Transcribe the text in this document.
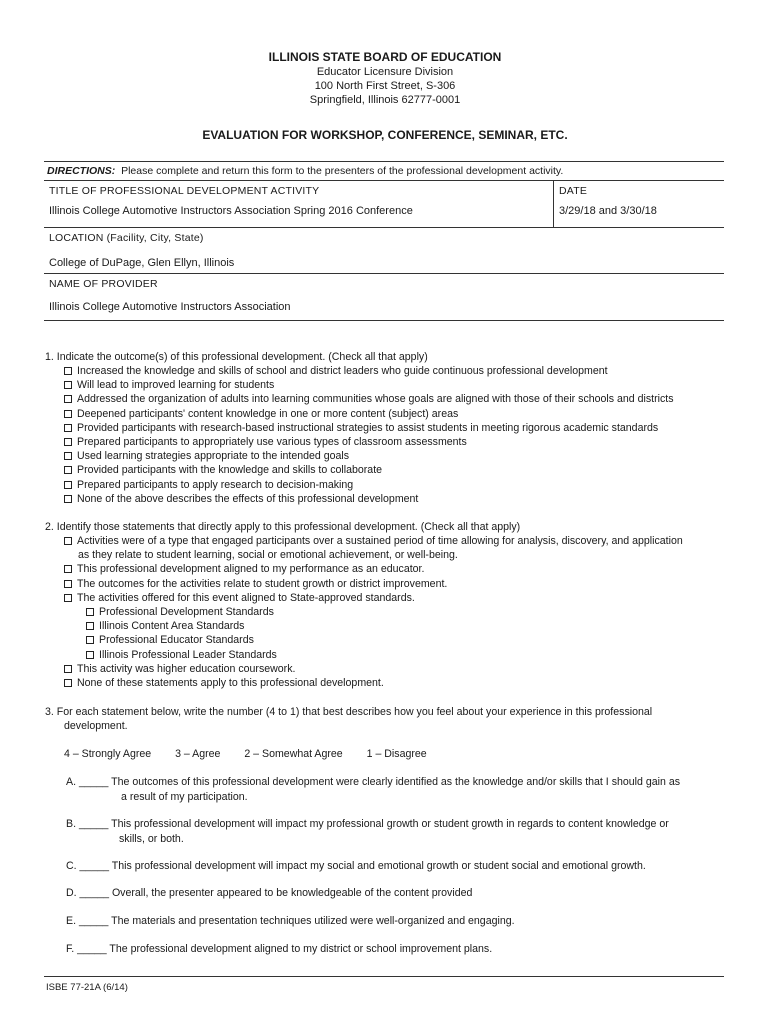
ILLINOIS STATE BOARD OF EDUCATION
Educator Licensure Division
100 North First Street, S-306
Springfield, Illinois 62777-0001
EVALUATION FOR WORKSHOP, CONFERENCE, SEMINAR, ETC.
DIRECTIONS: Please complete and return this form to the presenters of the professional development activity.
TITLE OF PROFESSIONAL DEVELOPMENT ACTIVITY
Illinois College Automotive Instructors Association Spring 2016 Conference
DATE
3/29/18 and 3/30/18
LOCATION (Facility, City, State)
College of DuPage, Glen Ellyn, Illinois
NAME OF PROVIDER
Illinois College Automotive Instructors Association
1. Indicate the outcome(s) of this professional development. (Check all that apply)
Increased the knowledge and skills of school and district leaders who guide continuous professional development
Will lead to improved learning for students
Addressed the organization of adults into learning communities whose goals are aligned with those of their schools and districts
Deepened participants' content knowledge in one or more content (subject) areas
Provided participants with research-based instructional strategies to assist students in meeting rigorous academic standards
Prepared participants to appropriately use various types of classroom assessments
Used learning strategies appropriate to the intended goals
Provided participants with the knowledge and skills to collaborate
Prepared participants to apply research to decision-making
None of the above describes the effects of this professional development
2. Identify those statements that directly apply to this professional development. (Check all that apply)
Activities were of a type that engaged participants over a sustained period of time allowing for analysis, discovery, and application
as they relate to student learning, social or emotional achievement, or well-being.
This professional development aligned to my performance as an educator.
The outcomes for the activities relate to student growth or district improvement.
The activities offered for this event aligned to State-approved standards.
Professional Development Standards
Illinois Content Area Standards
Professional Educator Standards
Illinois Professional Leader Standards
This activity was higher education coursework.
None of these statements apply to this professional development.
3. For each statement below, write the number (4 to 1) that best describes how you feel about your experience in this professional
development.
4 – Strongly Agree 3 – Agree 2 – Somewhat Agree 1 – Disagree
A. _____ The outcomes of this professional development were clearly identified as the knowledge and/or skills that I should gain as
a result of my participation.
B. _____ This professional development will impact my professional growth or student growth in regards to content knowledge or
skills, or both.
C. _____ This professional development will impact my social and emotional growth or student social and emotional growth.
D. _____ Overall, the presenter appeared to be knowledgeable of the content provided
E. _____ The materials and presentation techniques utilized were well-organized and engaging.
F. _____ The professional development aligned to my district or school improvement plans.
ISBE 77-21A (6/14)
